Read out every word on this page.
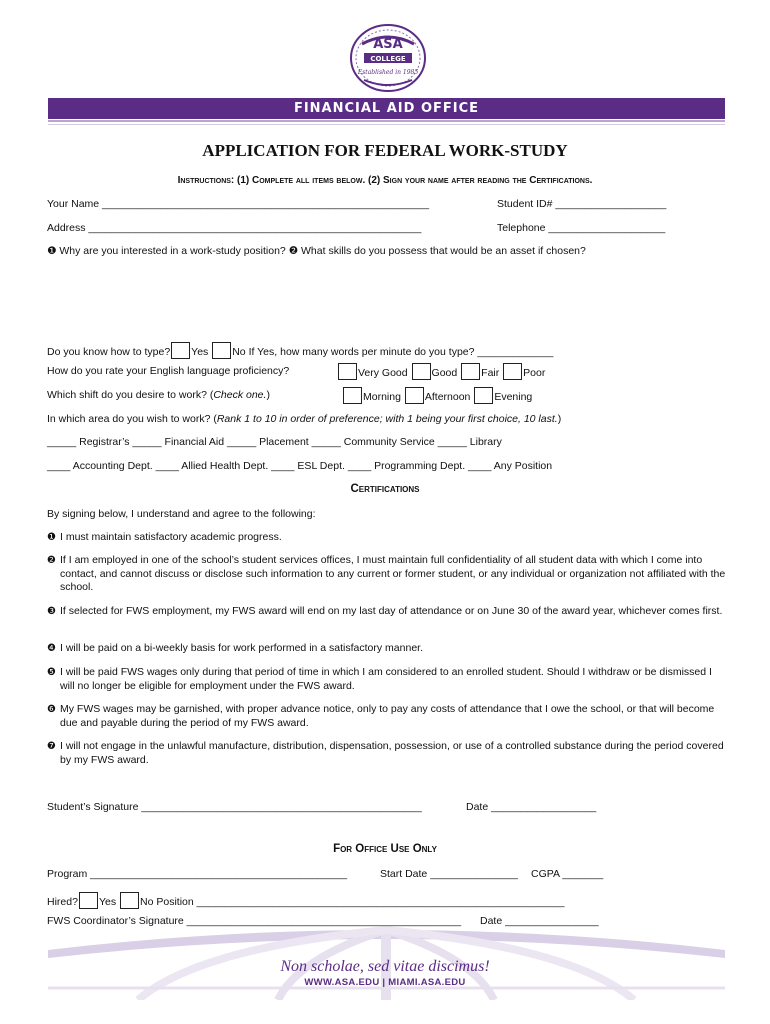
ASA
COLLEGE
Established in 1985
FINANCIAL AID OFFICE
APPLICATION FOR FEDERAL WORK-STUDY
Instructions: (1) Complete all items below. (2) Sign your name after reading the Certifications.
Your Name ________________________________________________________	Student ID# ___________________
Address _________________________________________________________	Telephone ____________________
❶ Why are you interested in a work-study position? ❷ What skills do you possess that would be an asset if chosen?
Do you know how to type? Yes No If Yes, how many words per minute do you type? _____________
How do you rate your English language proficiency?	Very Good Good Fair Poor
Which shift do you desire to work? (Check one.)	Morning Afternoon Evening
In which area do you wish to work? (Rank 1 to 10 in order of preference; with 1 being your first choice, 10 last.)
_____ Registrar’s _____ Financial Aid _____ Placement _____ Community Service _____ Library
____ Accounting Dept. ____ Allied Health Dept. ____ ESL Dept. ____ Programming Dept. ____ Any Position
Certifications
By signing below, I understand and agree to the following:
❶ I must maintain satisfactory academic progress.
❷ If I am employed in one of the school’s student services offices, I must maintain full confidentiality of all student data with which I come into contact, and cannot discuss or disclose such information to any current or former student, or any individual or organization not affiliated with the school.
❸ If selected for FWS employment, my FWS award will end on my last day of attendance or on June 30 of the award year, whichever comes first.
❹ I will be paid on a bi-weekly basis for work performed in a satisfactory manner.
❺ I will be paid FWS wages only during that period of time in which I am considered to an enrolled student. Should I withdraw or be dismissed I will no longer be eligible for employment under the FWS award.
❻ My FWS wages may be garnished, with proper advance notice, only to pay any costs of attendance that I owe the school, or that will become due and payable during the period of my FWS award.
❼ I will not engage in the unlawful manufacture, distribution, dispensation, possession, or use of a controlled substance during the period covered by my FWS award.
Student’s Signature ________________________________________________	Date __________________
For Office Use Only
Program ____________________________________________	Start Date _______________ CGPA _______
Hired? Yes No Position _______________________________________________________________
FWS Coordinator’s Signature _______________________________________________ Date ________________
Non scholae, sed vitae discimus!
WWW.ASA.EDU | MIAMI.ASA.EDU
